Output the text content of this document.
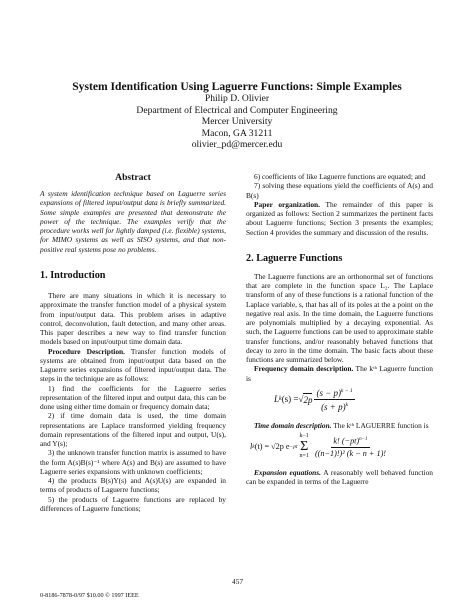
System Identification Using Laguerre Functions: Simple Examples
Philip D. Olivier
Department of Electrical and Computer Engineering
Mercer University
Macon, GA 31211
olivier_pd@mercer.edu
Abstract

A system identification technique based on Laguerre series expansions of filtered input/output data is briefly summarized. Some simple examples are presented that demonstrate the power of the technique. The examples verify that the procedure works well for lightly damped (i.e. flexible) systems, for MIMO systems as well as SISO systems, and that non-positive real systems pose no problems.

1. Introduction

There are many situations in which it is necessary to approximate the transfer function model of a physical system from input/output data. This problem arises in adaptive control, deconvolution, fault detection, and many other areas. This paper describes a new way to find transfer function models based on input/output time domain data.

Procedure Description. Transfer function models of systems are obtained from input/output data based on the Laguerre series expansions of filtered input/output data. The steps in the technique are as follows:

1) find the coefficients for the Laguerre series representation of the filtered input and output data, this can be done using either time domain or frequency domain data;

2) if time domain data is used, the time domain representations are Laplace transformed yielding frequency domain representations of the filtered input and output, U(s), and Y(s);

3) the unknown transfer function matrix is assumed to have the form A(s)B(s)⁻¹ where A(s) and B(s) are assumed to have Laguerre series expansions with unknown coefficients;

4) the products B(s)Y(s) and A(s)U(s) are expanded in terms of products of Laguerre functions;

5) the products of Laguerre functions are replaced by differences of Laguerre functions;

6) coefficients of like Laguerre functions are equated; and

7) solving these equations yield the coefficients of A(s) and B(s)

Paper organization. The remainder of this paper is organized as follows: Section 2 summarizes the pertinent facts about Laguerre functions; Section 3 presents the examples; Section 4 provides the summary and discussion of the results.

2. Laguerre Functions

The Laguerre functions are an orthonormal set of functions that are complete in the function space L₂. The Laplace transform of any of these functions is a rational function of the Laplace variable, s, that has all of its poles at the a point on the negative real axis. In the time domain, the Laguerre functions are polynomials multiplied by a decaying exponential. As such, the Laguerre functions can be used to approximate stable transfer functions, and/or reasonably behaved functions that decay to zero in the time domain. The basic facts about these functions are summarized below.

Frequency domain description. The kᵗʰ Laguerre function is

L k (s) = √ $2p \frac{(s - p)^{k - 1}}{(s + p)^k}$

Time domain description. The kᵗʰ LAGUERRE function is

l k (t) = √2p e −pt
k−1
Σ
$n=1 \frac{k! (-pt)^{n-1}}{\text{((n−1)!)² (k − n + 1)!}}$

Expansion equations. A reasonably well behaved function can be expanded in terms of the Laguerre

457
0-8186-7878-0/97 $10.00 © 1997 IEEE
